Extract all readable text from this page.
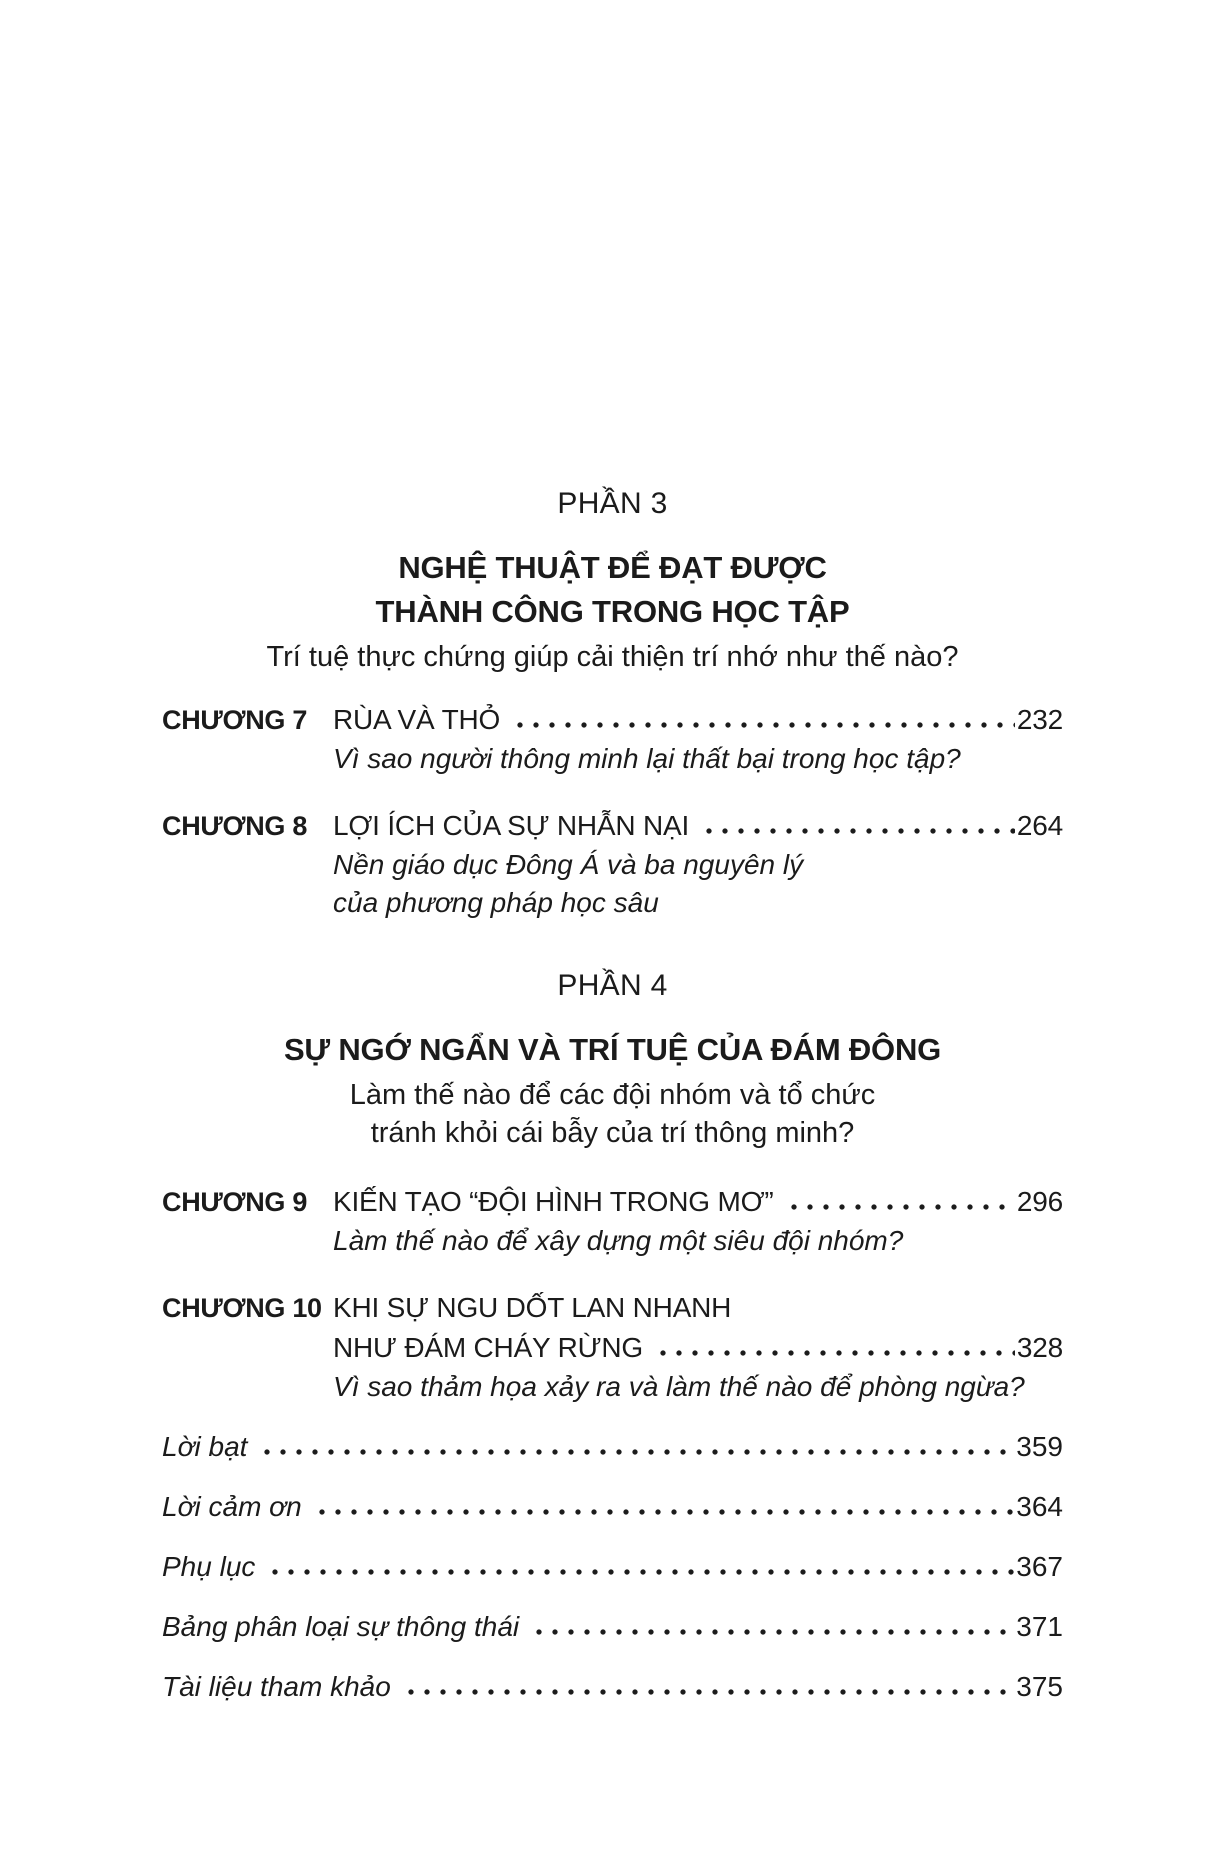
PHẦN 3
NGHỆ THUẬT ĐỂ ĐẠT ĐƯỢC
THÀNH CÔNG TRONG HỌC TẬP
Trí tuệ thực chứng giúp cải thiện trí nhớ như thế nào?
CHƯƠNG 7 RÙA VÀ THỎ	232
Vì sao người thông minh lại thất bại trong học tập?
CHƯƠNG 8 LỢI ÍCH CỦA SỰ NHẪN NẠI	264
Nền giáo dục Đông Á và ba nguyên lý
của phương pháp học sâu
PHẦN 4
SỰ NGỚ NGẨN VÀ TRÍ TUỆ CỦA ĐÁM ĐÔNG
Làm thế nào để các đội nhóm và tổ chức
tránh khỏi cái bẫy của trí thông minh?
CHƯƠNG 9 KIẾN TẠO “ĐỘI HÌNH TRONG MƠ”	296
Làm thế nào để xây dựng một siêu đội nhóm?
CHƯƠNG 10 KHI SỰ NGU DỐT LAN NHANH
NHƯ ĐÁM CHÁY RỪNG	328
Vì sao thảm họa xảy ra và làm thế nào để phòng ngừa?
Lời bạt	359
Lời cảm ơn	364
Phụ lục	367
Bảng phân loại sự thông thái	371
Tài liệu tham khảo	375
